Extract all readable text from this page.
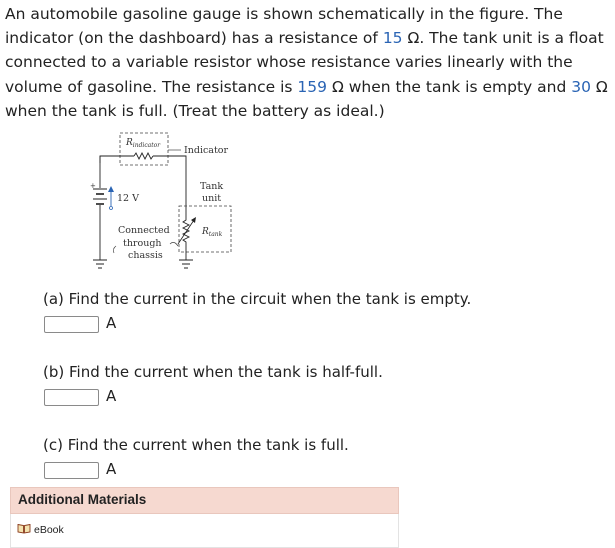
An automobile gasoline gauge is shown schematically in the figure. The indicator (on the dashboard) has a resistance of 15 Ω. The tank unit is a float connected to a variable resistor whose resistance varies linearly with the volume of gasoline. The resistance is 159 Ω when the tank is empty and 30 Ω when the tank is full. (Treat the battery as ideal.)
$R_{indicator}$	Indicator
+
12 V
Tank
unit
$R_{tank}$
Connected
through
chassis
(a) Find the current in the circuit when the tank is empty.
A
(b) Find the current when the tank is half-full.
A
(c) Find the current when the tank is full.
A
Additional Materials
eBook
